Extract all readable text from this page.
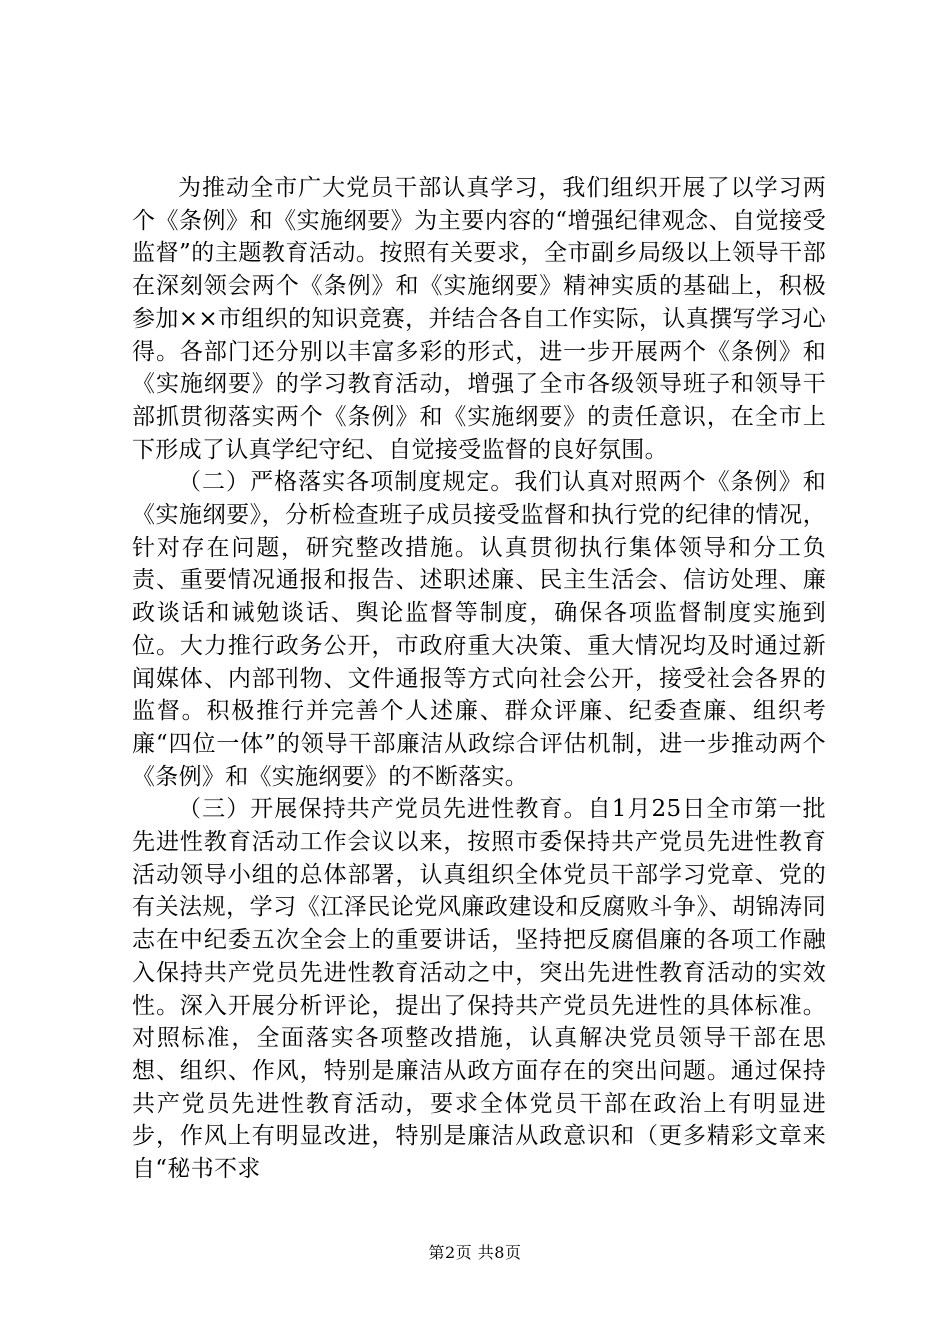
为推动全市广大党员干部认真学习，我们组织开展了以学习两个《条例》和《实施纲要》为主要内容的“增强纪律观念、自觉接受监督”的主题教育活动。按照有关要求，全市副乡局级以上领导干部在深刻领会两个《条例》和《实施纲要》精神实质的基础上，积极参加××市组织的知识竞赛，并结合各自工作实际，认真撰写学习心得。各部门还分别以丰富多彩的形式，进一步开展两个《条例》和《实施纲要》的学习教育活动，增强了全市各级领导班子和领导干部抓贯彻落实两个《条例》和《实施纲要》的责任意识，在全市上下形成了认真学纪守纪、自觉接受监督的良好氛围。

（二）严格落实各项制度规定。我们认真对照两个《条例》和《实施纲要》，分析检查班子成员接受监督和执行党的纪律的情况，针对存在问题，研究整改措施。认真贯彻执行集体领导和分工负责、重要情况通报和报告、述职述廉、民主生活会、信访处理、廉政谈话和诫勉谈话、舆论监督等制度，确保各项监督制度实施到位。大力推行政务公开，市政府重大决策、重大情况均及时通过新闻媒体、内部刊物、文件通报等方式向社会公开，接受社会各界的监督。积极推行并完善个人述廉、群众评廉、纪委查廉、组织考廉“四位一体”的领导干部廉洁从政综合评估机制，进一步推动两个《条例》和《实施纲要》的不断落实。

（三）开展保持共产党员先进性教育。自1月25日全市第一批先进性教育活动工作会议以来，按照市委保持共产党员先进性教育活动领导小组的总体部署，认真组织全体党员干部学习党章、党的有关法规，学习《江泽民论党风廉政建设和反腐败斗争》、胡锦涛同志在中纪委五次全会上的重要讲话，坚持把反腐倡廉的各项工作融入保持共产党员先进性教育活动之中，突出先进性教育活动的实效性。深入开展分析评论，提出了保持共产党员先进性的具体标准。对照标准，全面落实各项整改措施，认真解决党员领导干部在思想、组织、作风，特别是廉洁从政方面存在的突出问题。通过保持共产党员先进性教育活动，要求全体党员干部在政治上有明显进步，作风上有明显改进，特别是廉洁从政意识和（更多精彩文章来自“秘书不求

第2页 共8页
